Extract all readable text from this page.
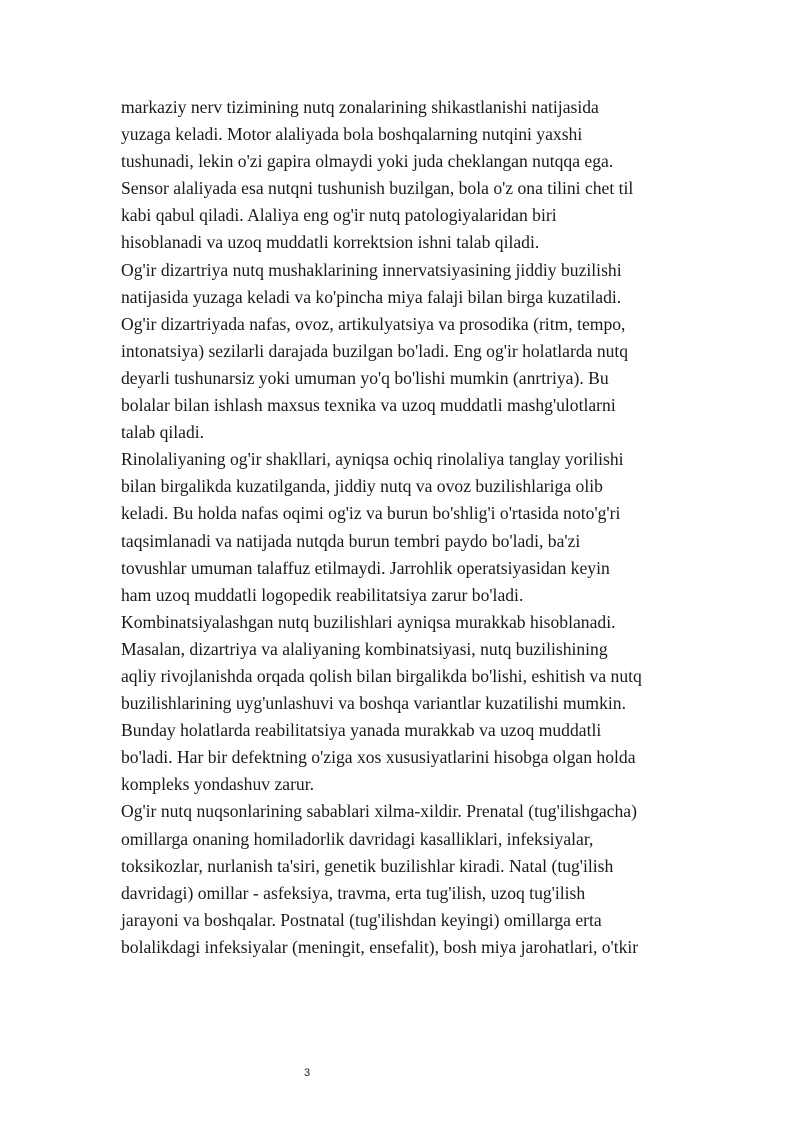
markaziy nerv tizimining nutq zonalarining shikastlanishi natijasida
yuzaga keladi. Motor alaliyada bola boshqalarning nutqini yaxshi
tushunadi, lekin o'zi gapira olmaydi yoki juda cheklangan nutqqa ega.
Sensor alaliyada esa nutqni tushunish buzilgan, bola o'z ona tilini chet til
kabi qabul qiladi. Alaliya eng og'ir nutq patologiyalaridan biri
hisoblanadi va uzoq muddatli korrektsion ishni talab qiladi.
Og'ir dizartriya nutq mushaklarining innervatsiyasining jiddiy buzilishi
natijasida yuzaga keladi va ko'pincha miya falaji bilan birga kuzatiladi.
Og'ir dizartriyada nafas, ovoz, artikulyatsiya va prosodika (ritm, tempo,
intonatsiya) sezilarli darajada buzilgan bo'ladi. Eng og'ir holatlarda nutq
deyarli tushunarsiz yoki umuman yo'q bo'lishi mumkin (anrtriya). Bu
bolalar bilan ishlash maxsus texnika va uzoq muddatli mashg'ulotlarni
talab qiladi.
Rinolaliyaning og'ir shakllari, ayniqsa ochiq rinolaliya tanglay yorilishi
bilan birgalikda kuzatilganda, jiddiy nutq va ovoz buzilishlariga olib
keladi. Bu holda nafas oqimi og'iz va burun bo'shlig'i o'rtasida noto'g'ri
taqsimlanadi va natijada nutqda burun tembri paydo bo'ladi, ba'zi
tovushlar umuman talaffuz etilmaydi. Jarrohlik operatsiyasidan keyin
ham uzoq muddatli logopedik reabilitatsiya zarur bo'ladi.
Kombinatsiyalashgan nutq buzilishlari ayniqsa murakkab hisoblanadi.
Masalan, dizartriya va alaliyaning kombinatsiyasi, nutq buzilishining
aqliy rivojlanishda orqada qolish bilan birgalikda bo'lishi, eshitish va nutq
buzilishlarining uyg'unlashuvi va boshqa variantlar kuzatilishi mumkin.
Bunday holatlarda reabilitatsiya yanada murakkab va uzoq muddatli
bo'ladi. Har bir defektning o'ziga xos xususiyatlarini hisobga olgan holda
kompleks yondashuv zarur.
Og'ir nutq nuqsonlarining sabablari xilma-xildir. Prenatal (tug'ilishgacha)
omillarga onaning homiladorlik davridagi kasalliklari, infeksiyalar,
toksikozlar, nurlanish ta'siri, genetik buzilishlar kiradi. Natal (tug'ilish
davridagi) omillar - asfeksiya, travma, erta tug'ilish, uzoq tug'ilish
jarayoni va boshqalar. Postnatal (tug'ilishdan keyingi) omillarga erta
bolalikdagi infeksiyalar (meningit, ensefalit), bosh miya jarohatlari, o'tkir
3
